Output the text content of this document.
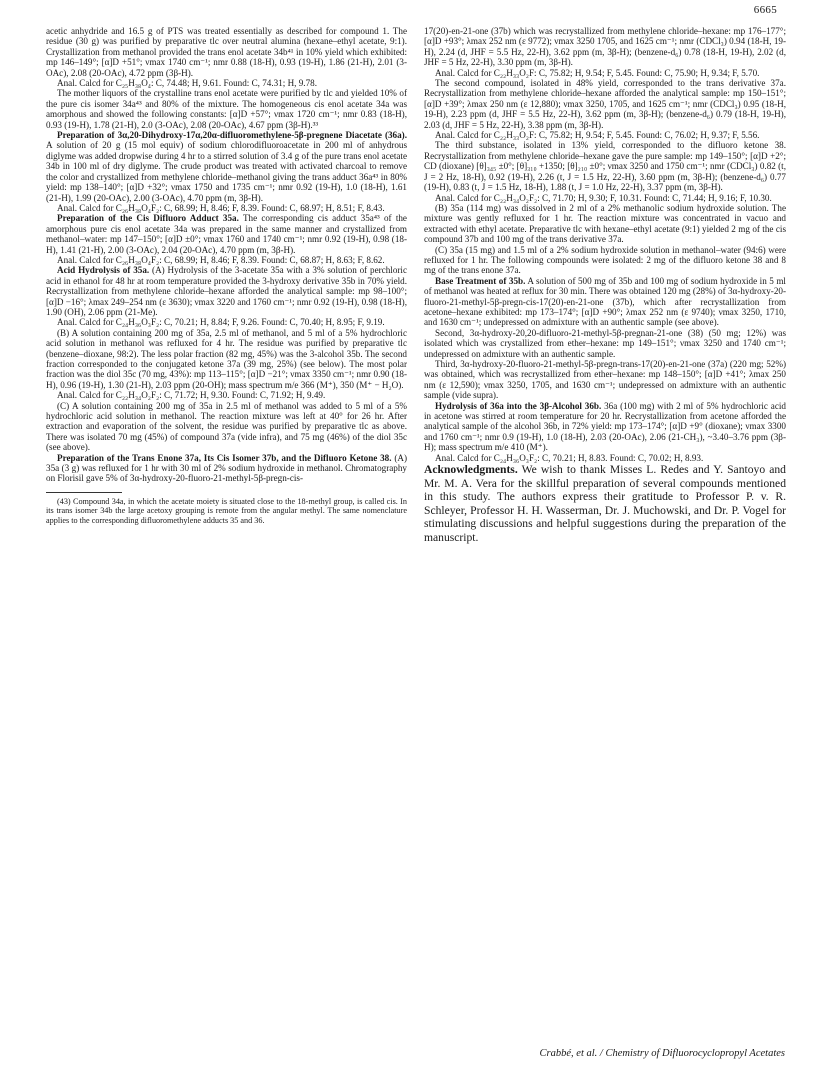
6665

acetic anhydride and 16.5 g of PTS was treated essentially as described for compound 1. The residue (30 g) was purified by preparative tlc over neutral alumina (hexane–ethyl acetate, 9:1). Crystallization from methanol provided the trans enol acetate 34b⁴¹ in 10% yield which exhibited: mp 146–149°; [α]D +51°; νmax 1740 cm⁻¹; nmr 0.88 (18-H), 0.93 (19-H), 1.86 (21-H), 2.01 (3-OAc), 2.08 (20-OAc), 4.72 ppm (3β-H).

Anal. Calcd for C₂₅H₃₈O₄: C, 74.48; H, 9.61. Found: C, 74.31; H, 9.78.

The mother liquors of the crystalline trans enol acetate were purified by tlc and yielded 10% of the pure cis isomer 34a⁴³ and 80% of the mixture. The homogeneous cis enol acetate 34a was amorphous and showed the following constants: [α]D +57°; νmax 1720 cm⁻¹; nmr 0.83 (18-H), 0.93 (19-H), 1.78 (21-H), 2.0 (3-OAc), 2.08 (20-OAc), 4.67 ppm (3β-H).³³

Preparation of 3α,20-Dihydroxy-17α,20α-difluoromethylene-5β-pregnene Diacetate (36a). A solution of 20 g (15 mol equiv) of sodium chlorodifluoroacetate in 200 ml of anhydrous diglyme was added dropwise during 4 hr to a stirred solution of 3.4 g of the pure trans enol acetate 34b in 100 ml of dry diglyme. The crude product was treated with activated charcoal to remove the color and crystallized from methylene chloride–methanol giving the trans adduct 36a⁴³ in 80% yield: mp 138–140°; [α]D +32°; νmax 1750 and 1735 cm⁻¹; nmr 0.92 (19-H), 1.0 (18-H), 1.61 (21-H), 1.99 (20-OAc), 2.00 (3-OAc), 4.70 ppm (m, 3β-H).

Anal. Calcd for C₂₆H₃₈O₄F₂: C, 68.99; H, 8.46; F, 8.39. Found: C, 68.97; H, 8.51; F, 8.43.

Preparation of the Cis Difluoro Adduct 35a. The corresponding cis adduct 35a⁴³ of the amorphous pure cis enol acetate 34a was prepared in the same manner and crystallized from methanol–water: mp 147–150°; [α]D ±0°; νmax 1760 and 1740 cm⁻¹; nmr 0.92 (19-H), 0.98 (18-H), 1.41 (21-H), 2.00 (3-OAc), 2.04 (20-OAc), 4.70 ppm (m, 3β-H).

Anal. Calcd for C₂₆H₃₈O₄F₂: C, 68.99; H, 8.46; F, 8.39. Found: C, 68.87; H, 8.63; F, 8.62.

Acid Hydrolysis of 35a. (A) Hydrolysis of the 3-acetate 35a with a 3% solution of perchloric acid in ethanol for 48 hr at room temperature provided the 3-hydroxy derivative 35b in 70% yield. Recrystallization from methylene chloride–hexane afforded the analytical sample: mp 98–100°; [α]D −16°; λmax 249–254 nm (ε 3630); νmax 3220 and 1760 cm⁻¹; nmr 0.92 (19-H), 0.98 (18-H), 1.90 (OH), 2.06 ppm (21-Me).

Anal. Calcd for C₂₄H₃₆O₃F₂: C, 70.21; H, 8.84; F, 9.26. Found: C, 70.40; H, 8.95; F, 9.19.

(B) A solution containing 200 mg of 35a, 2.5 ml of methanol, and 5 ml of a 5% hydrochloric acid solution in methanol was refluxed for 4 hr. The residue was purified by preparative tlc (benzene–dioxane, 98:2). The less polar fraction (82 mg, 45%) was the 3-alcohol 35b. The second fraction corresponded to the conjugated ketone 37a (39 mg, 25%) (see below). The most polar fraction was the diol 35c (70 mg, 43%): mp 113–115°; [α]D −21°; νmax 3350 cm⁻¹; nmr 0.90 (18-H), 0.96 (19-H), 1.30 (21-H), 2.03 ppm (20-OH); mass spectrum m/e 366 (M⁺), 350 (M⁺ − H₂O).

Anal. Calcd for C₂₂H₃₄O₂F₂: C, 71.72; H, 9.30. Found: C, 71.92; H, 9.49.

(C) A solution containing 200 mg of 35a in 2.5 ml of methanol was added to 5 ml of a 5% hydrochloric acid solution in methanol. The reaction mixture was left at 40° for 26 hr. After extraction and evaporation of the solvent, the residue was purified by preparative tlc as above. There was isolated 70 mg (45%) of compound 37a (vide infra), and 75 mg (46%) of the diol 35c (see above).

Preparation of the Trans Enone 37a, Its Cis Isomer 37b, and the Difluoro Ketone 38. (A) 35a (3 g) was refluxed for 1 hr with 30 ml of 2% sodium hydroxide in methanol. Chromatography on Florisil gave 5% of 3α-hydroxy-20-fluoro-21-methyl-5β-pregn-cis-

(43) Compound 34a, in which the acetate moiety is situated close to the 18-methyl group, is called cis. In its trans isomer 34b the large acetoxy grouping is remote from the angular methyl. The same nomenclature applies to the corresponding difluoromethylene adducts 35 and 36.

17(20)-en-21-one (37b) which was recrystallized from methylene chloride–hexane: mp 176–177°; [α]D +93°; λmax 252 nm (ε 9772); νmax 3250 1705, and 1625 cm⁻¹; nmr (CDCl₃) 0.94 (18-H, 19-H), 2.24 (d, JHF = 5.5 Hz, 22-H), 3.62 ppm (m, 3β-H); (benzene-d₆) 0.78 (18-H, 19-H), 2.02 (d, JHF = 5 Hz, 22-H), 3.30 ppm (m, 3β-H).

Anal. Calcd for C₂₂H₃₃O₂F: C, 75.82; H, 9.54; F, 5.45. Found: C, 75.90; H, 9.34; F, 5.70.

The second compound, isolated in 48% yield, corresponded to the trans derivative 37a. Recrystallization from methylene chloride–hexane afforded the analytical sample: mp 150–151°; [α]D +39°; λmax 250 nm (ε 12,880); νmax 3250, 1705, and 1625 cm⁻¹; nmr (CDCl₃) 0.95 (18-H, 19-H), 2.23 ppm (d, JHF = 5.5 Hz, 22-H), 3.62 ppm (m, 3β-H); (benzene-d₆) 0.79 (18-H, 19-H), 2.03 (d, JHF = 5 Hz, 22-H), 3.38 ppm (m, 3β-H).

Anal. Calcd for C₂₂H₃₃O₂F: C, 75.82; H, 9.54; F, 5.45. Found: C, 76.02; H, 9.37; F, 5.56.

The third substance, isolated in 13% yield, corresponded to the difluoro ketone 38. Recrystallization from methylene chloride–hexane gave the pure sample: mp 149–150°; [α]D +2°; CD (dioxane) [θ]₃₄₅ ±0°; [θ]₃₁₀ +1350; [θ]₂₁₀ ±0°; νmax 3250 and 1750 cm⁻¹; nmr (CDCl₃) 0.82 (t, J = 2 Hz, 18-H), 0.92 (19-H), 2.26 (t, J = 1.5 Hz, 22-H), 3.60 ppm (m, 3β-H); (benzene-d₆) 0.77 (19-H), 0.83 (t, J = 1.5 Hz, 18-H), 1.88 (t, J = 1.0 Hz, 22-H), 3.37 ppm (m, 3β-H).

Anal. Calcd for C₂₂H₃₄O₂F₂: C, 71.70; H, 9.30; F, 10.31. Found: C, 71.44; H, 9.16; F, 10.30.

(B) 35a (114 mg) was dissolved in 2 ml of a 2% methanolic sodium hydroxide solution. The mixture was gently refluxed for 1 hr. The reaction mixture was concentrated in vacuo and extracted with ethyl acetate. Preparative tlc with hexane–ethyl acetate (9:1) yielded 2 mg of the cis compound 37b and 100 mg of the trans derivative 37a.

(C) 35a (15 mg) and 1.5 ml of a 2% sodium hydroxide solution in methanol–water (94:6) were refluxed for 1 hr. The following compounds were isolated: 2 mg of the difluoro ketone 38 and 8 mg of the trans enone 37a.

Base Treatment of 35b. A solution of 500 mg of 35b and 100 mg of sodium hydroxide in 5 ml of methanol was heated at reflux for 30 min. There was obtained 120 mg (28%) of 3α-hydroxy-20-fluoro-21-methyl-5β-pregn-cis-17(20)-en-21-one (37b), which after recrystallization from acetone–hexane exhibited: mp 173–174°; [α]D +90°; λmax 252 nm (ε 9740); νmax 3250, 1710, and 1630 cm⁻¹; undepressed on admixture with an authentic sample (see above).

Second, 3α-hydroxy-20,20-difluoro-21-methyl-5β-pregnan-21-one (38) (50 mg; 12%) was isolated which was crystallized from ether–hexane: mp 149–151°; νmax 3250 and 1740 cm⁻¹; undepressed on admixture with an authentic sample.

Third, 3α-hydroxy-20-fluoro-21-methyl-5β-pregn-trans-17(20)-en-21-one (37a) (220 mg; 52%) was obtained, which was recrystallized from ether–hexane: mp 148–150°; [α]D +41°; λmax 250 nm (ε 12,590); νmax 3250, 1705, and 1630 cm⁻¹; undepressed on admixture with an authentic sample (vide supra).

Hydrolysis of 36a into the 3β-Alcohol 36b. 36a (100 mg) with 2 ml of 5% hydrochloric acid in acetone was stirred at room temperature for 20 hr. Recrystallization from acetone afforded the analytical sample of the alcohol 36b, in 72% yield: mp 173–174°; [α]D +9° (dioxane); νmax 3300 and 1760 cm⁻¹; nmr 0.9 (19-H), 1.0 (18-H), 2.03 (20-OAc), 2.06 (21-CH₃), ~3.40–3.76 ppm (3β-H); mass spectrum m/e 410 (M⁺).

Anal. Calcd for C₂₄H₃₆O₃F₂: C, 70.21; H, 8.83. Found: C, 70.02; H, 8.93.

Acknowledgments. We wish to thank Misses L. Redes and Y. Santoyo and Mr. M. A. Vera for the skillful preparation of several compounds mentioned in this study. The authors express their gratitude to Professor P. v. R. Schleyer, Professor H. H. Wasserman, Dr. J. Muchowski, and Dr. P. Vogel for stimulating discussions and helpful suggestions during the preparation of the manuscript.

Crabbé, et al. / Chemistry of Difluorocyclopropyl Acetates
